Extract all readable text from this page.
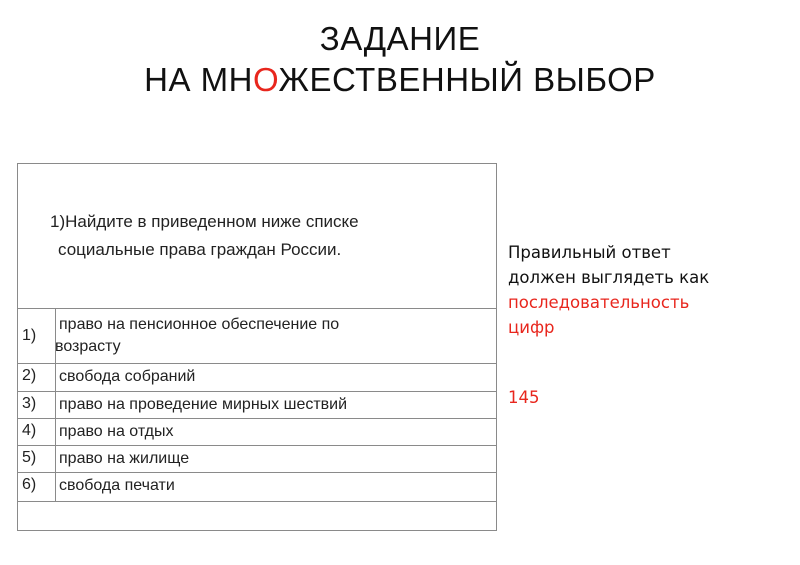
ЗАДАНИЕ
НА МНОЖЕСТВЕННЫЙ ВЫБОР
1)Найдите в приведенном ниже списке
социальные права граждан России.
1)
право на пенсионное обеспечение по
возрасту
2) свобода собраний
3) право на проведение мирных шествий
4) право на отдых
5) право на жилище
6) свобода печати
Правильный ответ
должен выглядеть как
последовательность
цифр
145
